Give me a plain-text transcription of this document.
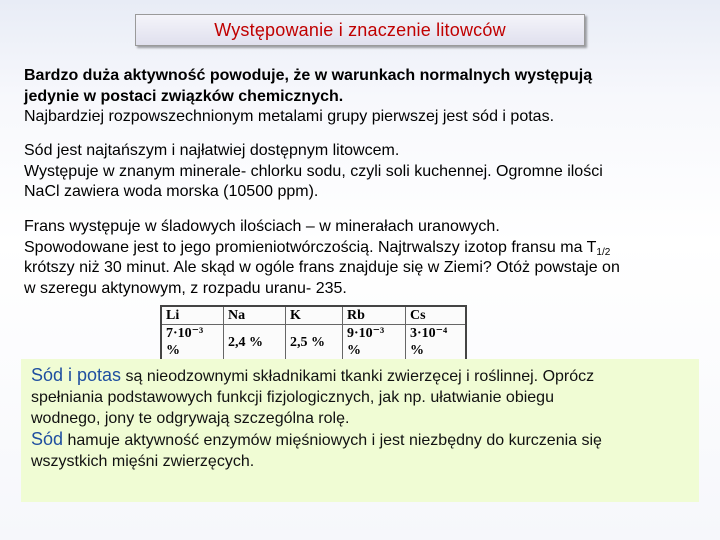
Występowanie i znaczenie litowców
Bardzo duża aktywność powoduje, że w warunkach normalnych występują
jedynie w postaci związków chemicznych.
Najbardziej rozpowszechnionym metalami grupy pierwszej jest sód i potas.
Sód jest najtańszym i najłatwiej dostępnym litowcem.
Występuje w znanym minerale- chlorku sodu, czyli soli kuchennej. Ogromne ilości
NaCl zawiera woda morska (10500 ppm).
Frans występuje w śladowych ilościach – w minerałach uranowych.
Spowodowane jest to jego promieniotwórczością. Najtrwalszy izotop fransu ma $T_{1/2}$
krótszy niż 30 minut. Ale skąd w ogóle frans znajduje się w Ziemi? Otóż powstaje on
w szeregu aktynowym, z rozpadu uranu- 235.
Li	Na	K	Rb	Cs
7·10⁻³ %	2,4 %	2,5 %	9·10⁻³ %	3·10⁻⁴ %
Sód i potas są nieodzownymi składnikami tkanki zwierzęcej i roślinnej. Oprócz
spełniania podstawowych funkcji fizjologicznych, jak np. ułatwianie obiegu
wodnego, jony te odgrywają szczególna rolę.
Sód hamuje aktywność enzymów mięśniowych i jest niezbędny do kurczenia się
wszystkich mięśni zwierzęcych.
